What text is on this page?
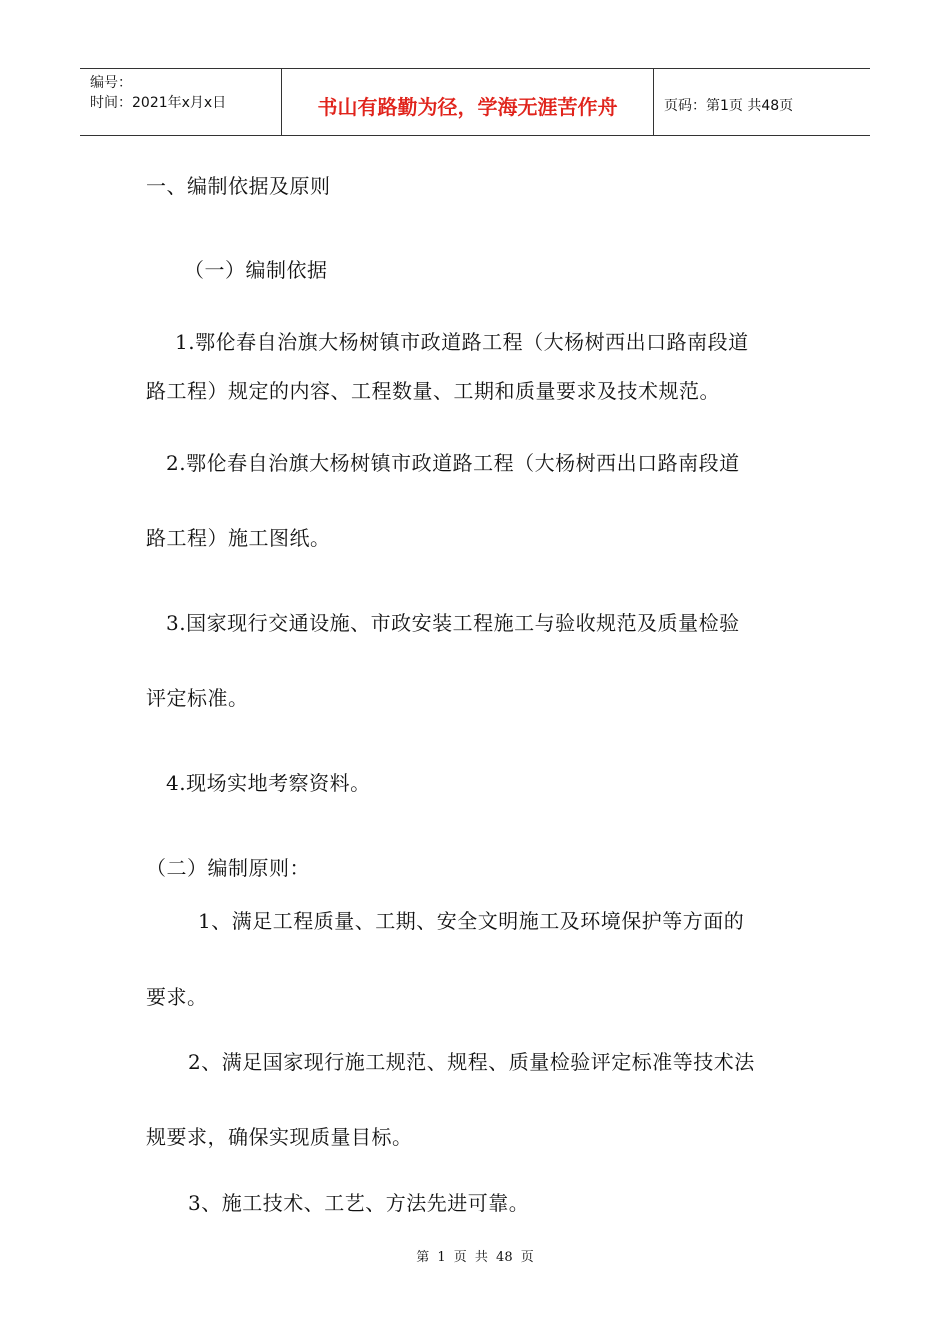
编号：
时间：2021年x月x日	书山有路勤为径，学海无涯苦作舟	页码：第1页 共48页
一、编制依据及原则
（一）编制依据
1.鄂伦春自治旗大杨树镇市政道路工程（大杨树西出口路南段道
路工程）规定的内容、工程数量、工期和质量要求及技术规范。
2.鄂伦春自治旗大杨树镇市政道路工程（大杨树西出口路南段道
路工程）施工图纸。
3.国家现行交通设施、市政安装工程施工与验收规范及质量检验
评定标准。
4.现场实地考察资料。
（二）编制原则：
1、满足工程质量、工期、安全文明施工及环境保护等方面的
要求。
2、满足国家现行施工规范、规程、质量检验评定标准等技术法
规要求，确保实现质量目标。
3、施工技术、工艺、方法先进可靠。
第 1 页 共 48 页
